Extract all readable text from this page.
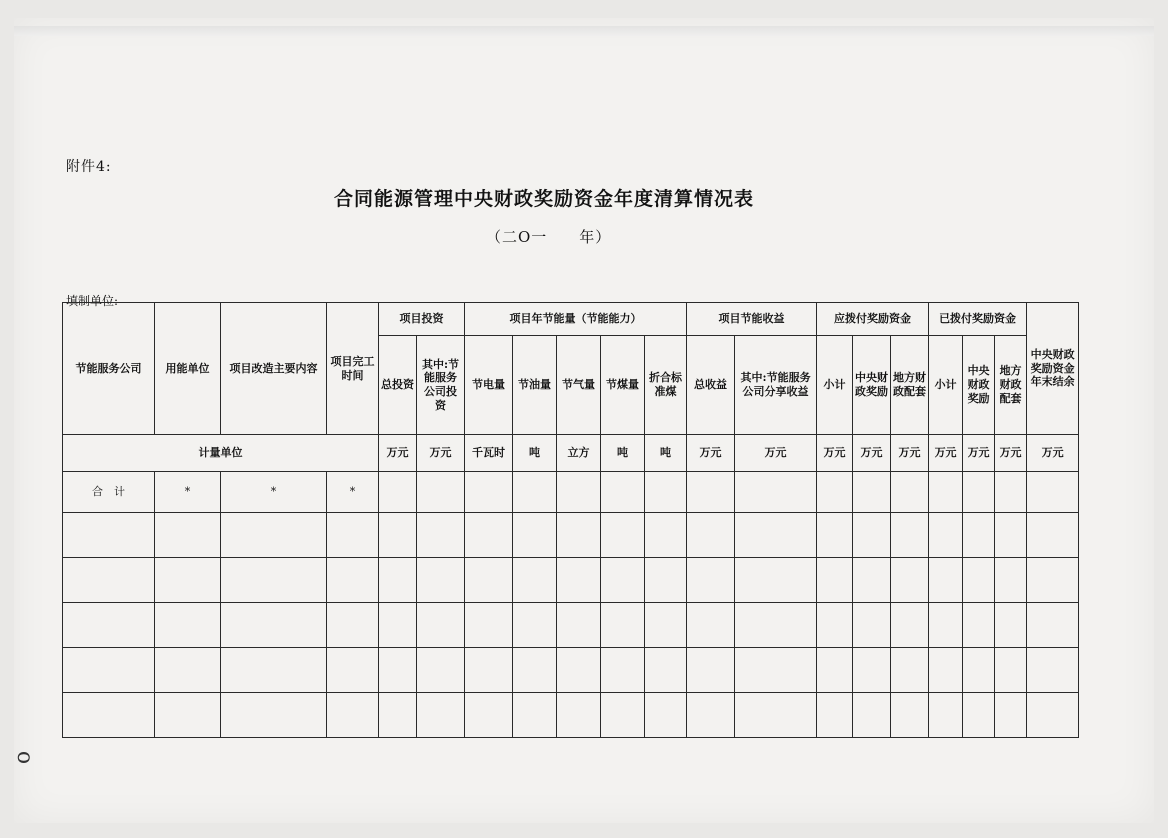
附件4:
合同能源管理中央财政奖励资金年度清算情况表
（二O一　　年）
填制单位:
o
节能服务公司	用能单位	项目改造主要内容	项目完工时间	项目投资		项目年节能量（节能能力）					项目节能收益		应拨付奖励资金			已拨付奖励资金			中央财政奖励资金年末结余
				总投资	其中:节能服务公司投资	节电量	节油量	节气量	节煤量	折合标准煤	总收益	其中:节能服务公司分享收益	小计	中央财政奖励	地方财政配套	小计	中央财政奖励	地方财政配套	
计量单位				万元	万元	千瓦时	吨	立方	吨	吨	万元	万元	万元	万元	万元	万元	万元	万元	万元
合　计	*	*	*																
